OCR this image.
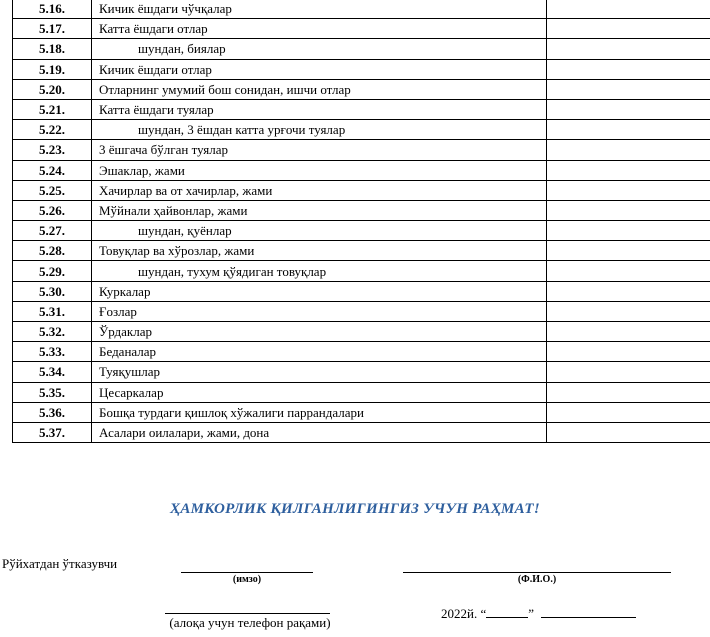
5.16.	Кичик ёшдаги чўчқалар	
5.17.	Катта ёшдаги отлар	
5.18.	шундан, биялар	
5.19.	Кичик ёшдаги отлар	
5.20.	Отларнинг умумий бош сонидан, ишчи отлар	
5.21.	Катта ёшдаги туялар	
5.22.	шундан, 3 ёшдан катта урғочи туялар	
5.23.	3 ёшгача бўлган туялар	
5.24.	Эшаклар, жами	
5.25.	Хачирлар ва от хачирлар, жами	
5.26.	Мўйнали ҳайвонлар, жами	
5.27.	шундан, қуёнлар	
5.28.	Товуқлар ва хўрозлар, жами	
5.29.	шундан, тухум қўядиган товуқлар	
5.30.	Куркалар	
5.31.	Ғозлар	
5.32.	Ўрдаклар	
5.33.	Беданалар	
5.34.	Туяқушлар	
5.35.	Цесаркалар	
5.36.	Бошқа турдаги қишлоқ хўжалиги паррандалари	
5.37.	Асалари оилалари, жами, дона	
ҲАМКОРЛИК ҚИЛГАНЛИГИНГИЗ УЧУН РАҲМАТ!
Рўйхатдан ўтказувчи
(имзо)	(Ф.И.О.)
(алоқа учун телефон рақами)
2022й. “	”
